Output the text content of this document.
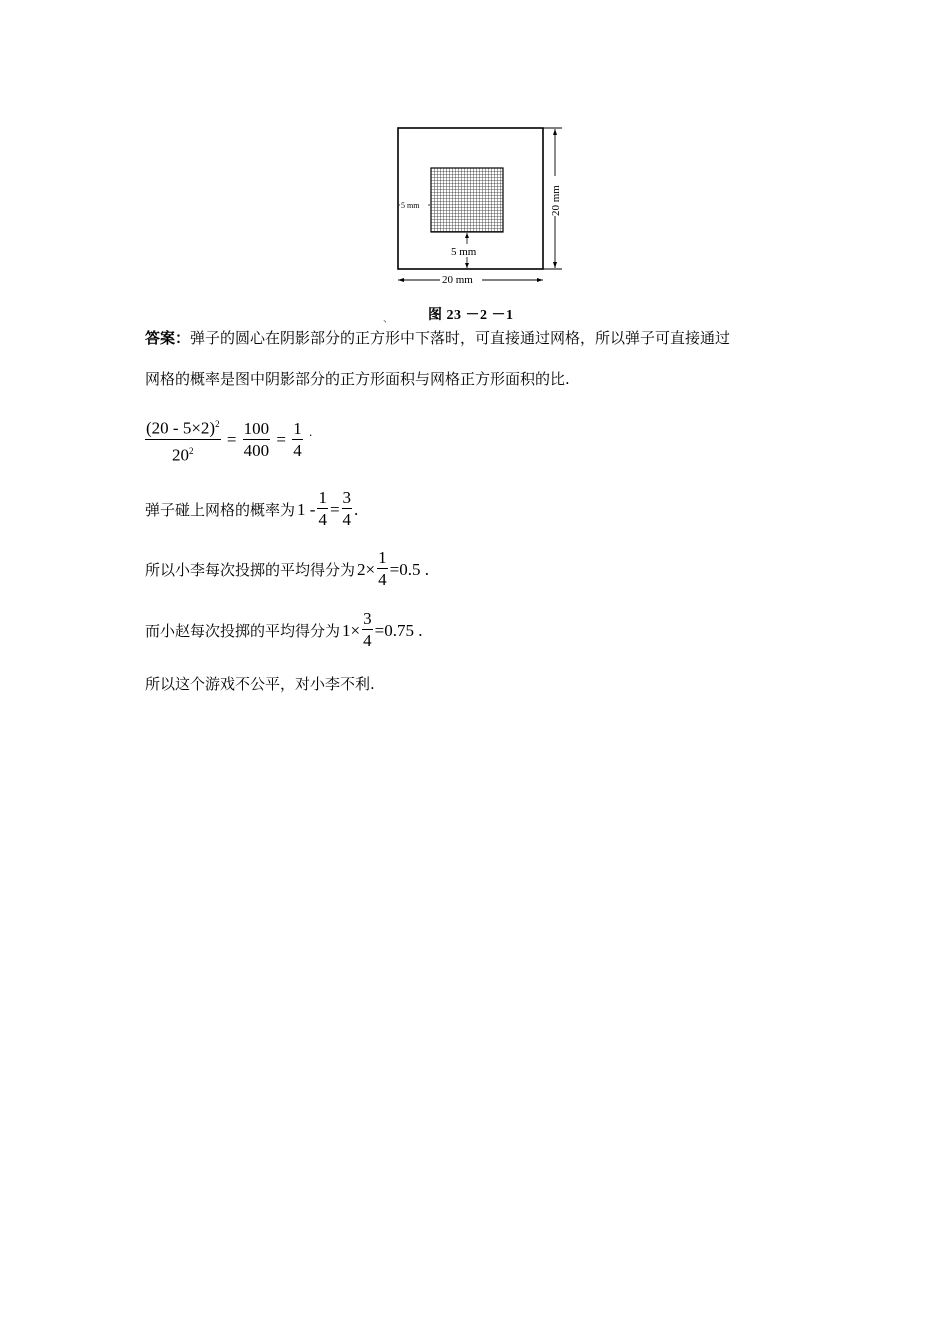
5 mm
5 mm
20 mm
20 mm
、	图 23 －2 －1
答案：弹子的圆心在阴影部分的正方形中下落时，可直接通过网格，所以弹子可直接通过
网格的概率是图中阴影部分的正方形面积与网格正方形面积的比.
$\frac{(20 - 5\times 2)^2}{20^2} = \frac{100}{400} = \frac{1}{4}$ .
弹子碰上网格的概率为 $1 - \frac{1}{4} = \frac{3}{4}$ .
所以小李每次投掷的平均得分为 $2\times \frac{1}{4} =0.5$ .
而小赵每次投掷的平均得分为 $1\times \frac{3}{4} =0.75$ .
所以这个游戏不公平，对小李不利.
